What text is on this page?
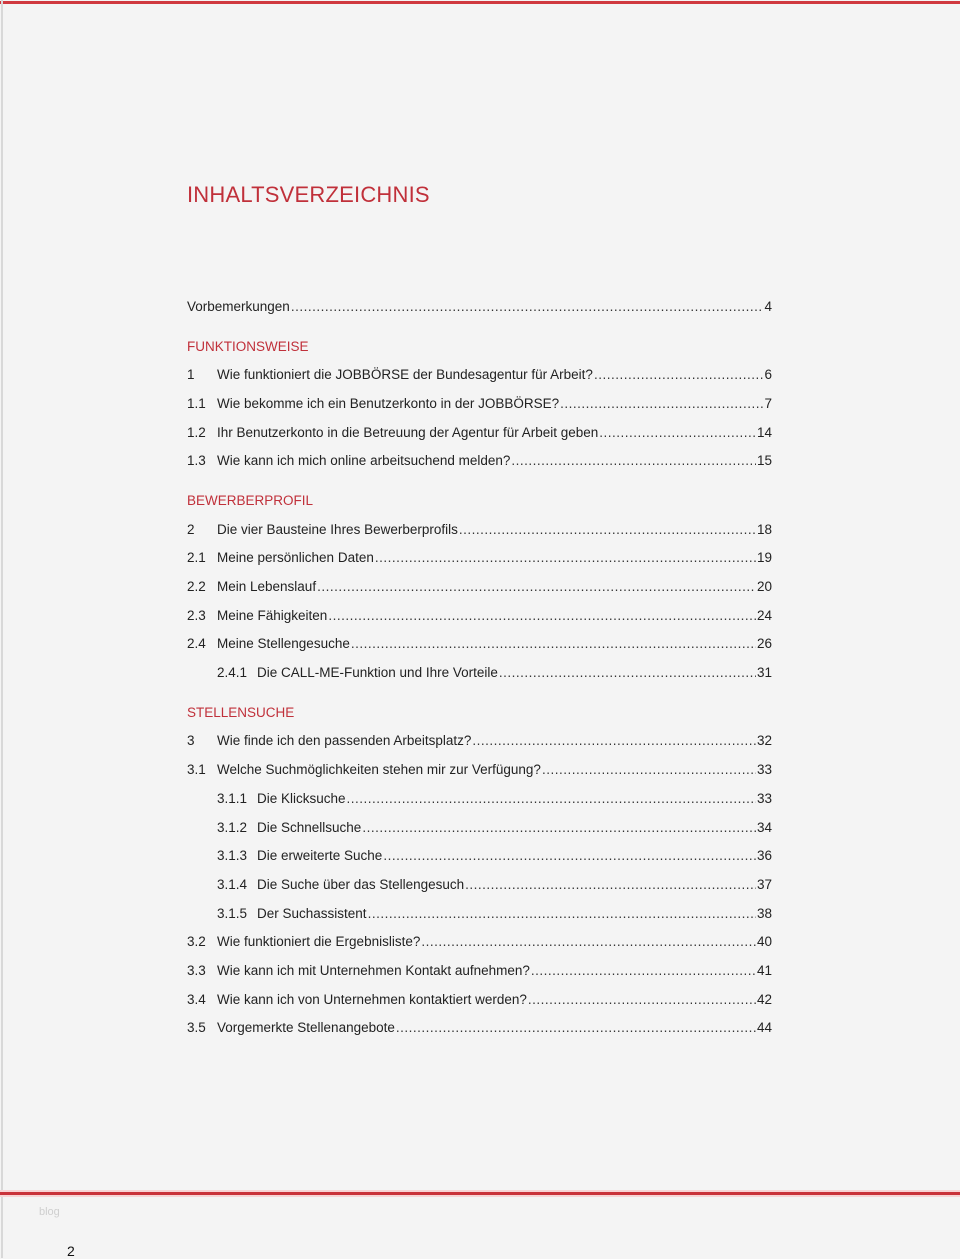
INHALTSVERZEICHNIS
Vorbemerkungen .....	4
FUNKTIONSWEISE
1	Wie funktioniert die JOBBÖRSE der Bundesagentur für Arbeit? .....	6
1.1 Wie bekomme ich ein Benutzerkonto in der JOBBÖRSE? .....	7
1.2 Ihr Benutzerkonto in die Betreuung der Agentur für Arbeit geben .....	14
1.3 Wie kann ich mich online arbeitsuchend melden? .....	15
BEWERBERPROFIL
2	Die vier Bausteine Ihres Bewerberprofils .....	18
2.1 Meine persönlichen Daten .....	19
2.2 Mein Lebenslauf .....	20
2.3 Meine Fähigkeiten .....	24
2.4 Meine Stellengesuche .....	26
2.4.1 Die CALL-ME-Funktion und Ihre Vorteile .....	31
STELLENSUCHE
3	Wie finde ich den passenden Arbeitsplatz? .....	32
3.1 Welche Suchmöglichkeiten stehen mir zur Verfügung? .....	33
3.1.1 Die Klicksuche .....	33
3.1.2 Die Schnellsuche .....	34
3.1.3 Die erweiterte Suche .....	36
3.1.4 Die Suche über das Stellengesuch .....	37
3.1.5 Der Suchassistent .....	38
3.2 Wie funktioniert die Ergebnisliste? .....	40
3.3 Wie kann ich mit Unternehmen Kontakt aufnehmen? .....	41
3.4 Wie kann ich von Unternehmen kontaktiert werden? .....	42
3.5 Vorgemerkte Stellenangebote .....	44
blog
2
